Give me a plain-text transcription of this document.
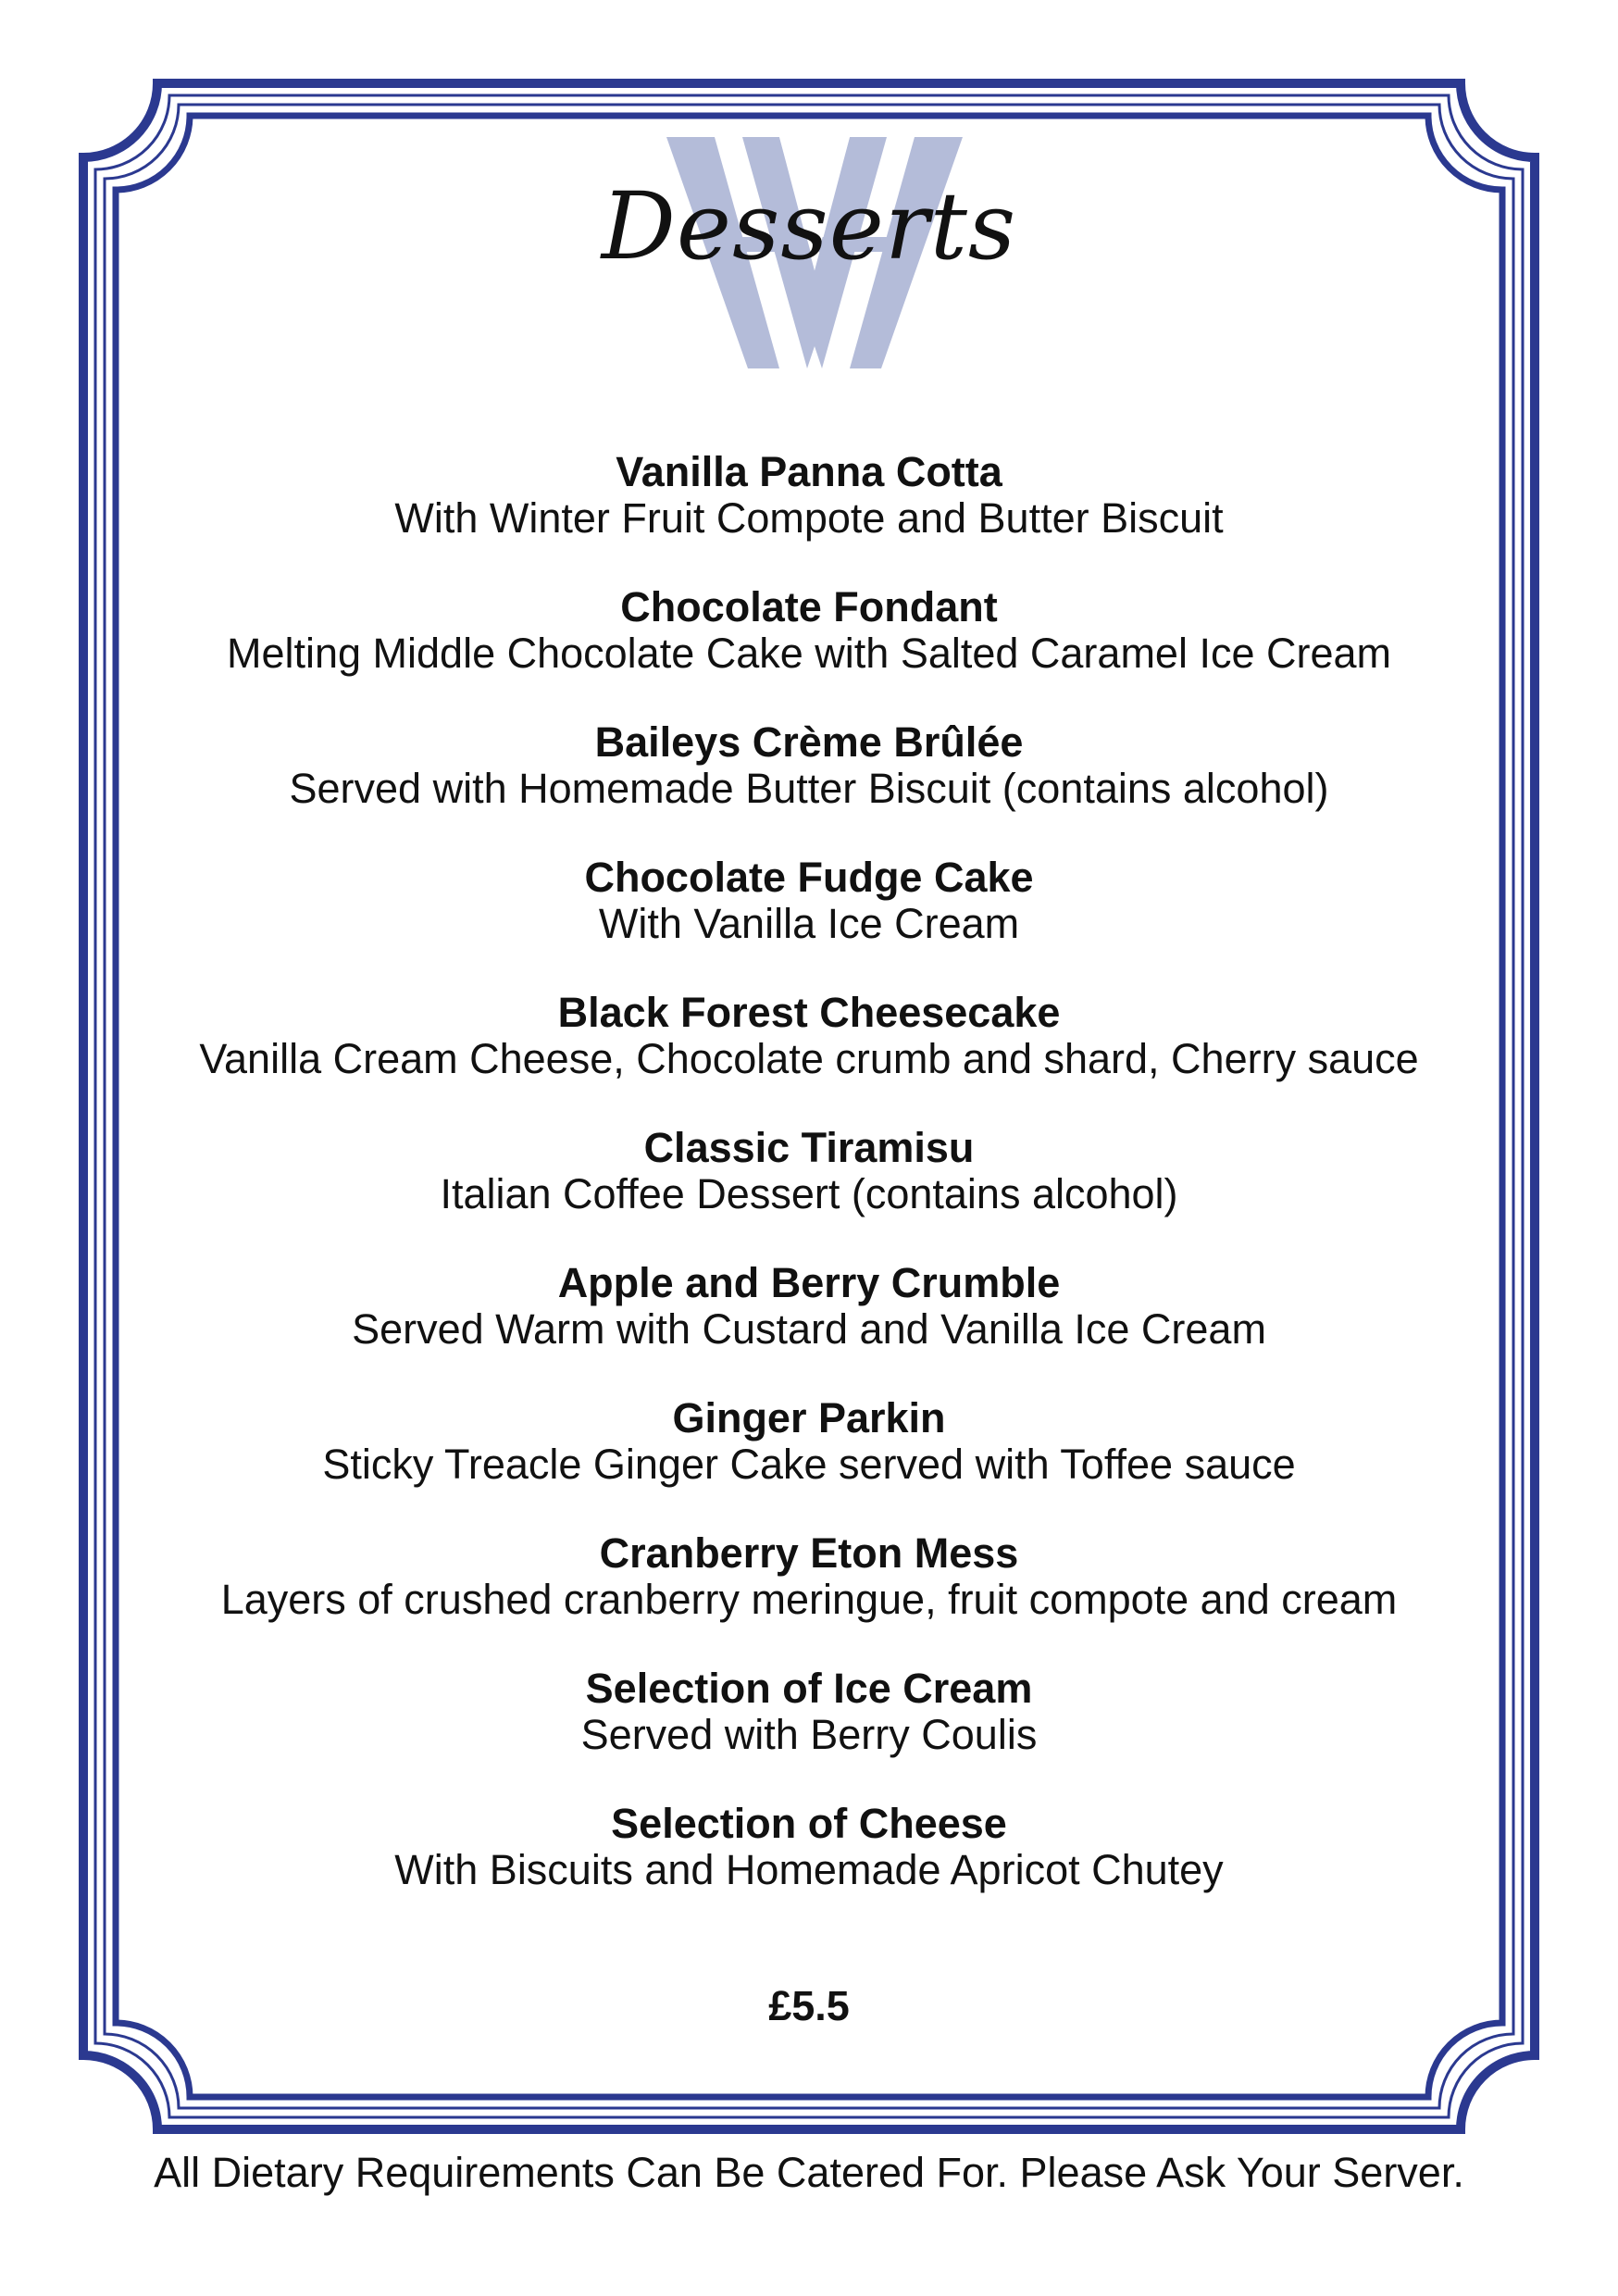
Desserts
Vanilla Panna Cotta
With Winter Fruit Compote and Butter Biscuit
Chocolate Fondant
Melting Middle Chocolate Cake with Salted Caramel Ice Cream
Baileys Crème Brûlée
Served with Homemade Butter Biscuit (contains alcohol)
Chocolate Fudge Cake
With Vanilla Ice Cream
Black Forest Cheesecake
Vanilla Cream Cheese, Chocolate crumb and shard, Cherry sauce
Classic Tiramisu
Italian Coffee Dessert (contains alcohol)
Apple and Berry Crumble
Served Warm with Custard and Vanilla Ice Cream
Ginger Parkin
Sticky Treacle Ginger Cake served with Toffee sauce
Cranberry Eton Mess
Layers of crushed cranberry meringue, fruit compote and cream
Selection of Ice Cream
Served with Berry Coulis
Selection of Cheese
With Biscuits and Homemade Apricot Chutey
£5.5
All Dietary Requirements Can Be Catered For. Please Ask Your Server.
